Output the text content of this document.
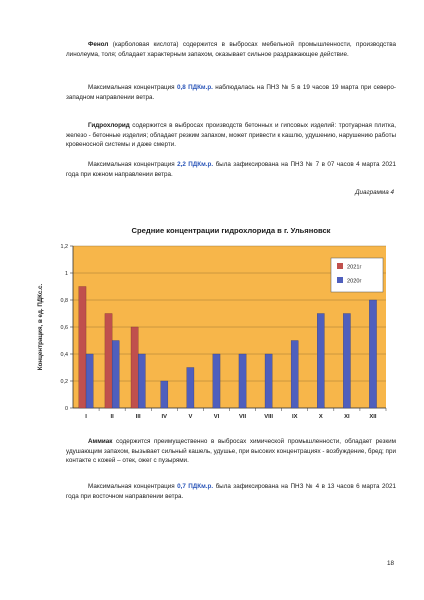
Фенол (карболовая кислота) содержится в выбросах мебельной промышленности, производства линолеума, толя; обладает характерным запахом, оказывает сильное раздражающее действие.

Максимальная концентрация 0,8 ПДКм.р. наблюдалась на ПНЗ № 5 в 19 часов 19 марта при северо-западном направлении ветра.

Гидрохлорид содержится в выбросах производств бетонных и гипсовых изделий: тротуарная плитка, железо - бетонные изделия; обладает резким запахом, может привести к кашлю, удушению, нарушению работы кровеносной системы и даже смерти.

Максимальная концентрация 2,2 ПДКм.р. была зафиксирована на ПНЗ № 7 в 07 часов 4 марта 2021 года при южном направлении ветра.

Диаграмма 4
Средние концентрации гидрохлорида в г. Ульяновск
0
0,2
0,4
0,6
0,8
1
1,2
Концентрация, в ед. ПДКс.с.
I	II	III	IV	V	VI	VII	VIII	IX	X	XI	XII
2021г
2020г

Аммиак содержится преимущественно в выбросах химической промышленности, обладает резким удушающим запахом, вызывает сильный кашель, удушье, при высоких концентрациях - возбуждение, бред; при контакте с кожей – отек, ожег с пузырями.

Максимальная концентрация 0,7 ПДКм.р. была зафиксирована на ПНЗ № 4 в 13 часов 6 марта 2021 года при восточном направлении ветра.

18
